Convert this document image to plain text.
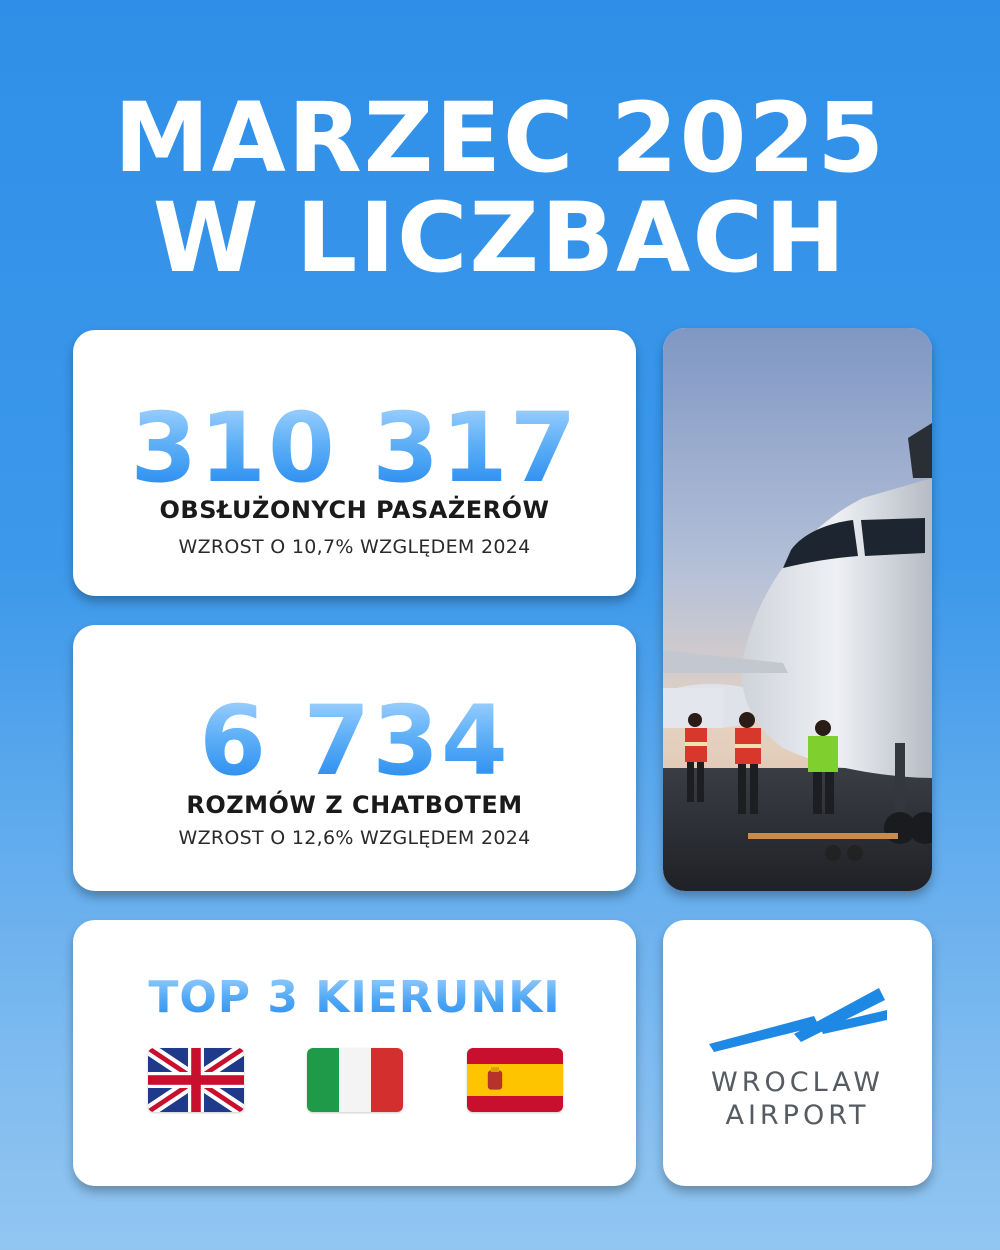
MARZEC 2025
W LICZBACH
310 317
OBSŁUŻONYCH PASAŻERÓW
WZROST O 10,7% WZGLĘDEM 2024
6 734
ROZMÓW Z CHATBOTEM
WZROST O 12,6% WZGLĘDEM 2024
TOP 3 KIERUNKI
WROCLAW
AIRPORT
